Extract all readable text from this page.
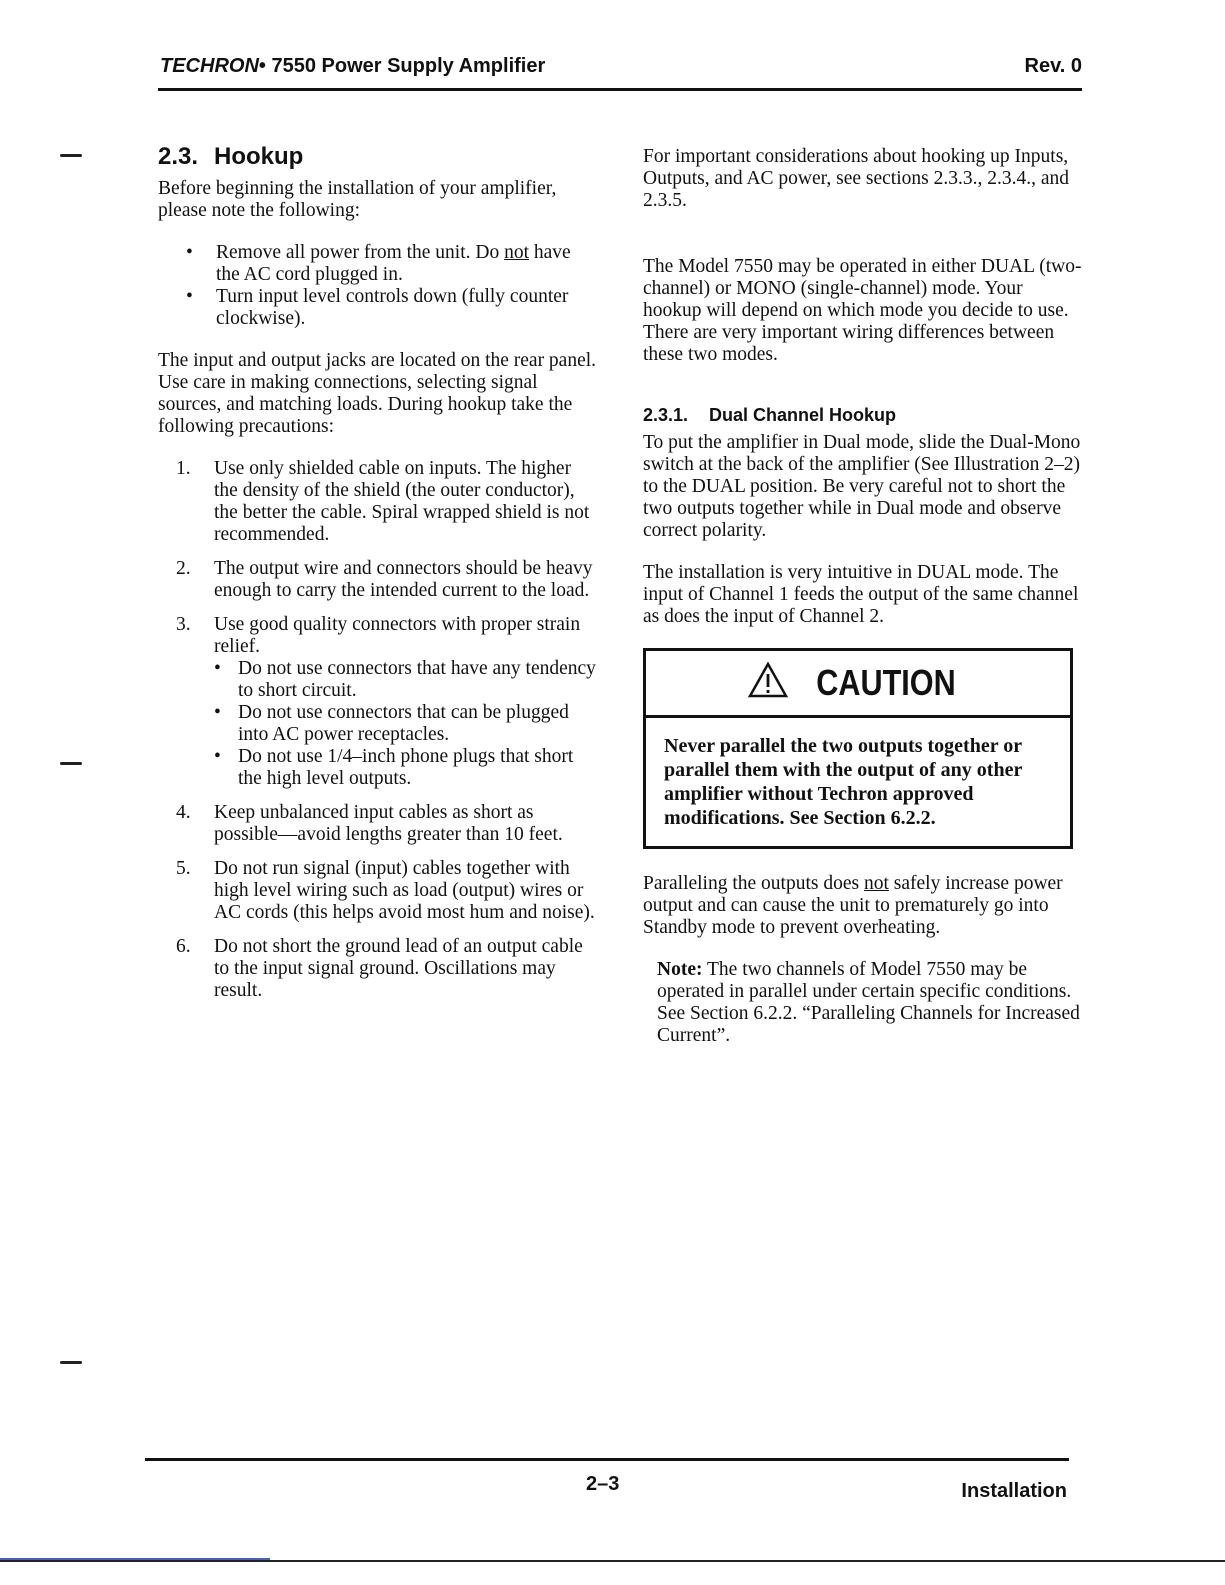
TECHRON• 7550 Power Supply Amplifier	Rev. 0
2.3. Hookup

Before beginning the installation of your amplifier, please note the following:

• Remove all power from the unit. Do not have the AC cord plugged in.
• Turn input level controls down (fully counter clockwise).

The input and output jacks are located on the rear panel. Use care in making connections, selecting signal sources, and matching loads. During hookup take the following precautions:

1. Use only shielded cable on inputs. The higher the density of the shield (the outer conductor), the better the cable. Spiral wrapped shield is not recommended.
2. The output wire and connectors should be heavy enough to carry the intended current to the load.
3. Use good quality connectors with proper strain relief.
• Do not use connectors that have any tendency to short circuit.
• Do not use connectors that can be plugged into AC power receptacles.
• Do not use 1/4–inch phone plugs that short the high level outputs.
4. Keep unbalanced input cables as short as possible—avoid lengths greater than 10 feet.
5. Do not run signal (input) cables together with high level wiring such as load (output) wires or AC cords (this helps avoid most hum and noise).
6. Do not short the ground lead of an output cable to the input signal ground. Oscillations may result.

For important considerations about hooking up Inputs, Outputs, and AC power, see sections 2.3.3., 2.3.4., and 2.3.5.

The Model 7550 may be operated in either DUAL (two-channel) or MONO (single-channel) mode. Your hookup will depend on which mode you decide to use. There are very important wiring differences between these two modes.

2.3.1. Dual Channel Hookup

To put the amplifier in Dual mode, slide the Dual-Mono switch at the back of the amplifier (See Illustration 2–2) to the DUAL position. Be very careful not to short the two outputs together while in Dual mode and observe correct polarity.

The installation is very intuitive in DUAL mode. The input of Channel 1 feeds the output of the same channel as does the input of Channel 2.

CAUTION
Never parallel the two outputs together or parallel them with the output of any other amplifier without Techron approved modifications. See Section 6.2.2.

Paralleling the outputs does not safely increase power output and can cause the unit to prematurely go into Standby mode to prevent overheating.

Note: The two channels of Model 7550 may be operated in parallel under certain specific conditions. See Section 6.2.2. “Paralleling Channels for Increased Current”.

2–3	Installation
